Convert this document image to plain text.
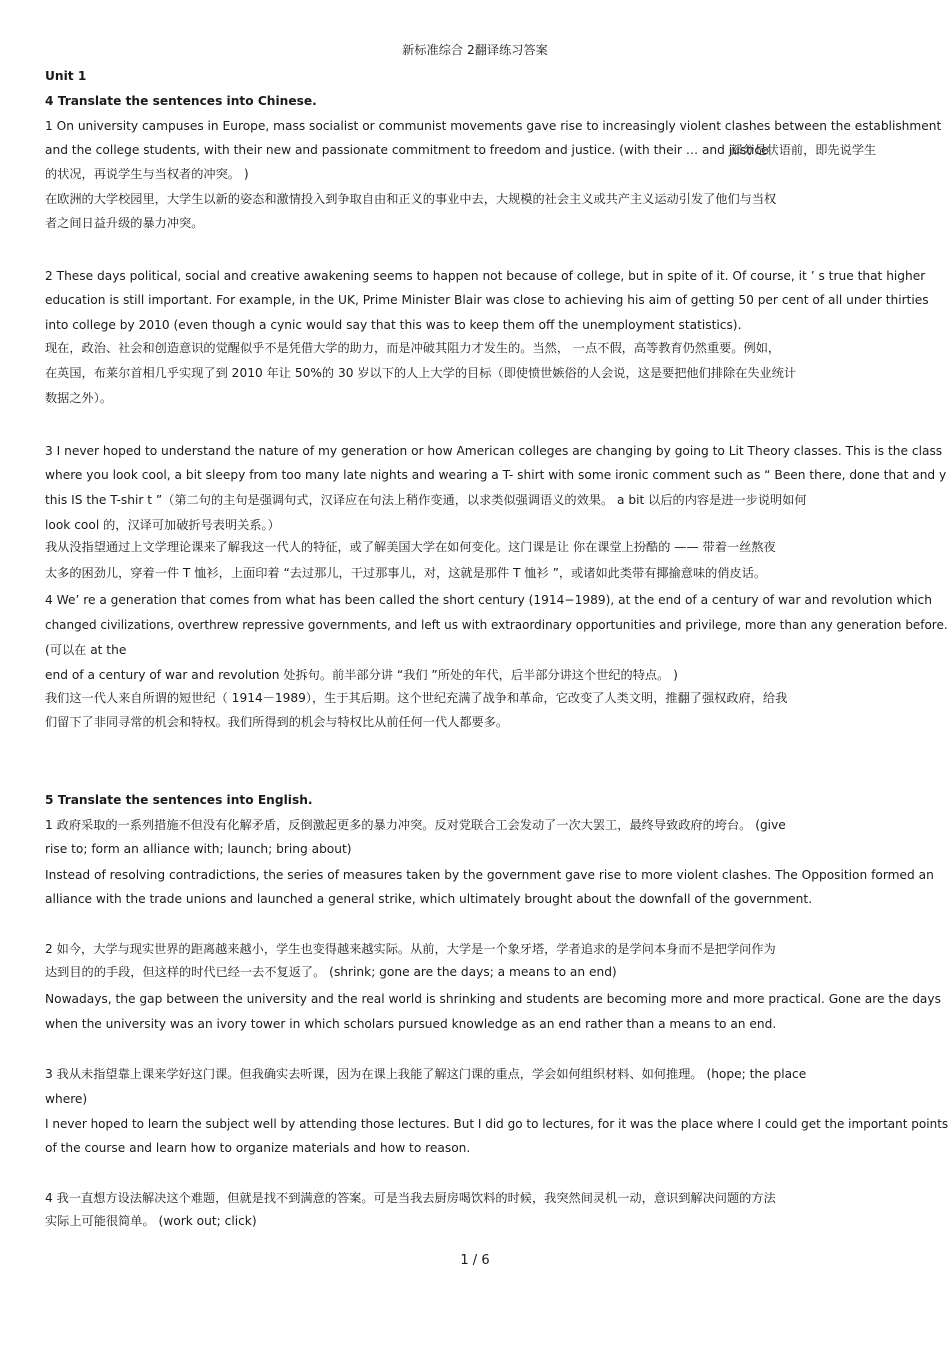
新标准综合 2翻译练习答案
Unit 1
4 Translate the sentences into Chinese.
1 On university campuses in Europe, mass socialist or communist movements gave rise to increasingly violent clashes between the establishment
and the college students, with their new and passionate commitment to freedom and justice. (with their … and justice
部分是状语前，即先说学生
的状况，再说学生与当权者的冲突。 )
在欧洲的大学校园里，大学生以新的姿态和激情投入到争取自由和正义的事业中去，大规模的社会主义或共产主义运动引发了他们与当权
者之间日益升级的暴力冲突。
2 These days political, social and creative awakening seems to happen not because of college, but in spite of it. Of course, it ’ s true that higher
education is still important. For example, in the UK, Prime Minister Blair was close to achieving his aim of getting 50 per cent of all under thirties
into college by 2010 (even though a cynic would say that this was to keep them off the unemployment statistics).
现在，政治、社会和创造意识的觉醒似乎不是凭借大学的助力，而是冲破其阻力才发生的。当然， 一点不假，高等教育仍然重要。例如，
在英国，布莱尔首相几乎实现了到 2010 年让 50%的 30 岁以下的人上大学的目标（即使愤世嫉俗的人会说，这是要把他们排除在失业统计
数据之外）。
3 I never hoped to understand the nature of my generation or how American colleges are changing by going to Lit Theory classes. This is the class
where you look cool, a bit sleepy from too many late nights and wearing a T- shirt with some ironic comment such as “ Been there, done that and y
this IS the T-shir t ”（第二句的主句是强调句式，汉译应在句法上稍作变通，以求类似强调语义的效果。 a bit 以后的内容是进一步说明如何
look cool 的，汉译可加破折号表明关系。）
我从没指望通过上文学理论课来了解我这一代人的特征，或了解美国大学在如何变化。这门课是让 你在课堂上扮酷的 —— 带着一丝熬夜
太多的困劲儿，穿着一件 T 恤衫，上面印着 “去过那儿，干过那事儿，对，这就是那件 T 恤衫 ”，或诸如此类带有揶揄意味的俏皮话。
4 We’ re a generation that comes from what has been called the short century (1914−1989), at the end of a century of war and revolution which
changed civilizations, overthrew repressive governments, and left us with extraordinary opportunities and privilege, more than any generation before.
(可以在 at the
end of a century of war and revolution 处拆句。前半部分讲 “我们 ”所处的年代，后半部分讲这个世纪的特点。 )
我们这一代人来自所谓的短世纪（ 1914－1989），生于其后期。这个世纪充满了战争和革命，它改变了人类文明，推翻了强权政府，给我
们留下了非同寻常的机会和特权。我们所得到的机会与特权比从前任何一代人都要多。
5 Translate the sentences into English.
1 政府采取的一系列措施不但没有化解矛盾，反倒激起更多的暴力冲突。反对党联合工会发动了一次大罢工，最终导致政府的垮台。 (give
rise to; form an alliance with; launch; bring about)
Instead of resolving contradictions, the series of measures taken by the government gave rise to more violent clashes. The Opposition formed an
alliance with the trade unions and launched a general strike, which ultimately brought about the downfall of the government.
2 如今，大学与现实世界的距离越来越小，学生也变得越来越实际。从前，大学是一个象牙塔，学者追求的是学问本身而不是把学问作为
达到目的的手段，但这样的时代已经一去不复返了。 (shrink; gone are the days; a means to an end)
Nowadays, the gap between the university and the real world is shrinking and students are becoming more and more practical. Gone are the days
when the university was an ivory tower in which scholars pursued knowledge as an end rather than a means to an end.
3 我从未指望靠上课来学好这门课。但我确实去听课，因为在课上我能了解这门课的重点，学会如何组织材料、如何推理。 (hope; the place
where)
I never hoped to learn the subject well by attending those lectures. But I did go to lectures, for it was the place where I could get the important points
of the course and learn how to organize materials and how to reason.
4 我一直想方设法解决这个难题，但就是找不到满意的答案。可是当我去厨房喝饮料的时候，我突然间灵机一动，意识到解决问题的方法
实际上可能很简单。 (work out; click)
1 / 6
